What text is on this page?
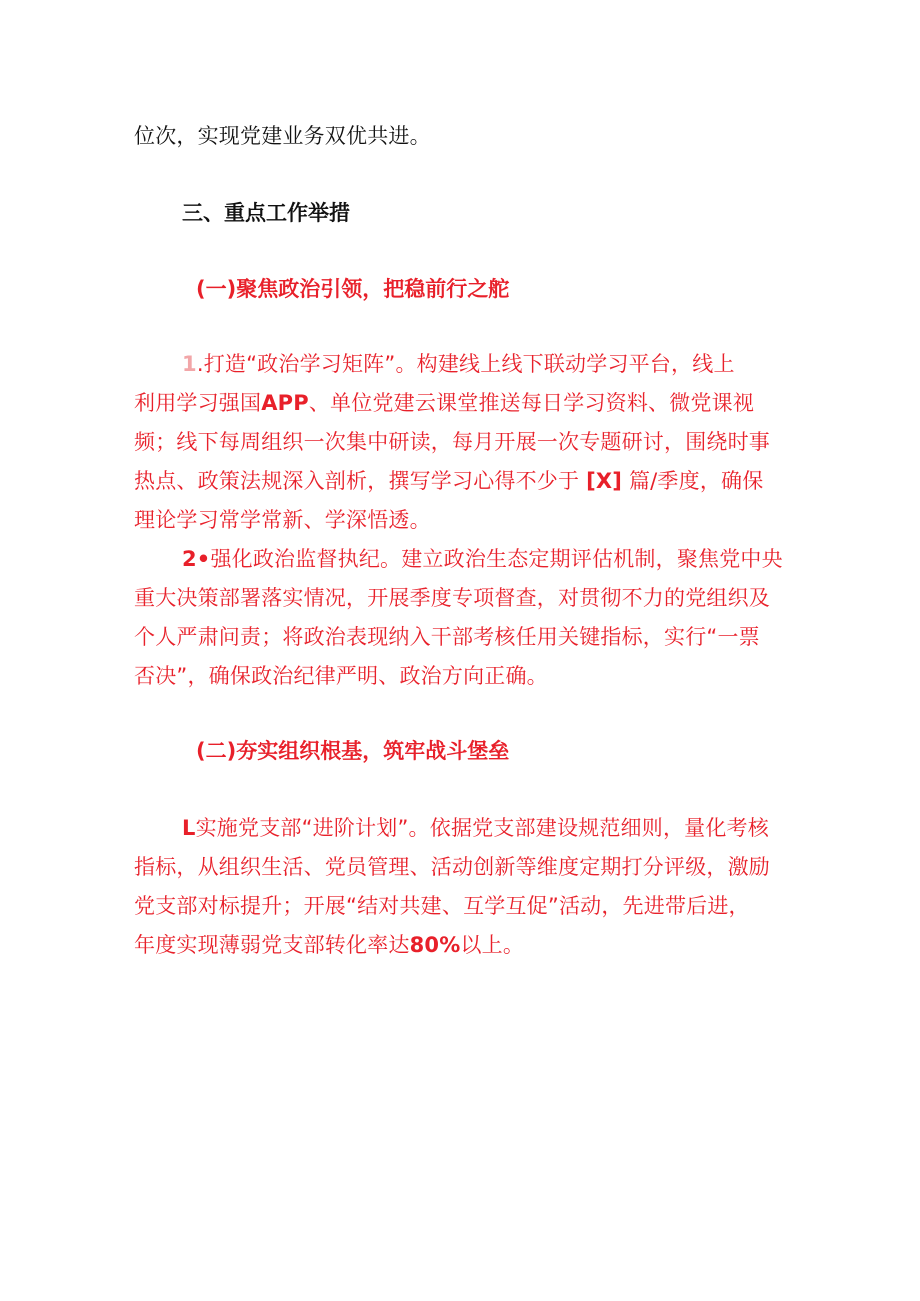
位次，实现党建业务双优共进。
三、重点工作举措
(一)聚焦政治引领，把稳前行之舵
1.打造“政治学习矩阵”。构建线上线下联动学习平台，线上
利用学习强国APP、单位党建云课堂推送每日学习资料、微党课视
频；线下每周组织一次集中研读，每月开展一次专题研讨，围绕时事
热点、政策法规深入剖析，撰写学习心得不少于 [X] 篇/季度，确保
理论学习常学常新、学深悟透。
2•强化政治监督执纪。建立政治生态定期评估机制，聚焦党中央
重大决策部署落实情况，开展季度专项督查，对贯彻不力的党组织及
个人严肃问责；将政治表现纳入干部考核任用关键指标，实行“一票
否决”，确保政治纪律严明、政治方向正确。
(二)夯实组织根基，筑牢战斗堡垒
L实施党支部“进阶计划”。依据党支部建设规范细则，量化考核
指标，从组织生活、党员管理、活动创新等维度定期打分评级，激励
党支部对标提升；开展“结对共建、互学互促”活动，先进带后进，
年度实现薄弱党支部转化率达80%以上。
